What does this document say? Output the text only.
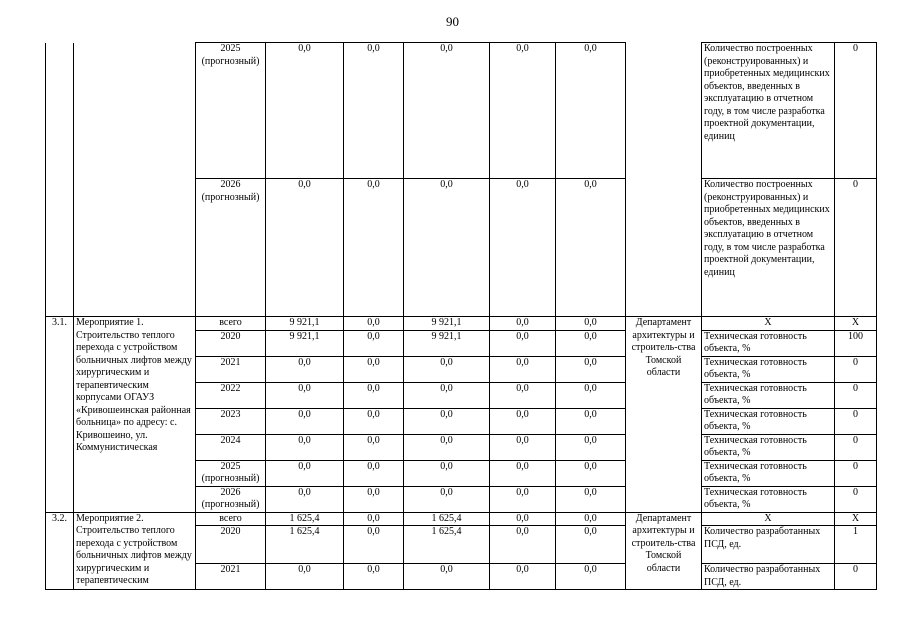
90
		2025 (прогнозный)	0,0	0,0	0,0	0,0	0,0		Количество построенных (реконструированных) и приобретенных медицинских объектов, введенных в эксплуатацию в отчетном году, в том числе разработка проектной документации, единиц	0
		2026 (прогнозный)	0,0	0,0	0,0	0,0	0,0		Количество построенных (реконструированных) и приобретенных медицинских объектов, введенных в эксплуатацию в отчетном году, в том числе разработка проектной документации, единиц	0
3.1.	Мероприятие 1. Строительство теплого перехода с устройством больничных лифтов между хирургическим и терапевтическим корпусами ОГАУЗ «Кривошеинская районная больница» по адресу: с. Кривошеино, ул. Коммунистическая	всего	9 921,1	0,0	9 921,1	0,0	0,0	Департамент архитектуры и строитель-ства Томской области	Х	Х
		2020	9 921,1	0,0	9 921,1	0,0	0,0		Техническая готовность объекта, %	100
		2021	0,0	0,0	0,0	0,0	0,0		Техническая готовность объекта, %	0
		2022	0,0	0,0	0,0	0,0	0,0		Техническая готовность объекта, %	0
		2023	0,0	0,0	0,0	0,0	0,0		Техническая готовность объекта, %	0
		2024	0,0	0,0	0,0	0,0	0,0		Техническая готовность объекта, %	0
		2025 (прогнозный)	0,0	0,0	0,0	0,0	0,0		Техническая готовность объекта, %	0
		2026 (прогнозный)	0,0	0,0	0,0	0,0	0,0		Техническая готовность объекта, %	0
3.2.	Мероприятие 2. Строительство теплого перехода с устройством больничных лифтов между хирургическим и терапевтическим	всего	1 625,4	0,0	1 625,4	0,0	0,0	Департамент архитектуры и строитель-ства Томской области	Х	Х
		2020	1 625,4	0,0	1 625,4	0,0	0,0		Количество разработанных ПСД, ед.	1
		2021	0,0	0,0	0,0	0,0	0,0		Количество разработанных ПСД, ед.	0
